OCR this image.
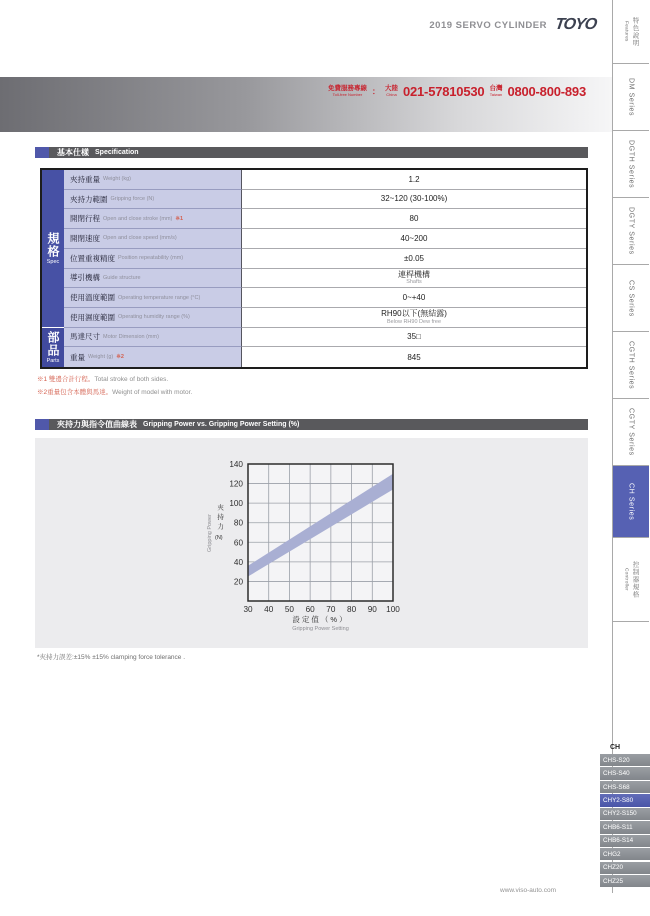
2019 SERVO CYLINDER TOYO
免費服務專線
Toll-free Number ： 大陸
China 021-57810530 台灣
Taiwan 0800-800-893
特色說明
Features
DM Series
DGTH Series
DGTY Series
CS Series
CGTH Series
CGTY Series
CH Series
控制器規格
Controller
基本仕樣 Specification
規格
Spec
部品
Parts
夾持重量 Weight (kg)	1.2
夾持力範圍 Gripping force (N)	32~120 (30-100%)
開閉行程 Open and close stroke (mm) ※1	80
開閉速度 Open and close speed (mm/s)	40~200
位置重複精度 Position repeatability (mm)	±0.05
導引機構 Guide structure	連桿機構
Shafts
使用溫度範圍 Operating temperature range (°C)	0~+40
使用濕度範圍 Operating humidity range (%)	RH90以下(無結露)
Below RH90 Dew free
馬達尺寸 Motor Dimension (mm)	35□
重量 Weight (g) ※2	845
※1 雙邊合計行程。Total stroke of both sides.
※2重量包含本體與馬達。Weight of model with motor.
夾持力與指令值曲線表 Gripping Power vs. Gripping Power Setting (%)
30 40 50 60 70 80 90 100
20
40
60
80
100
120
140
Gripping Power 夾持力
(N)
設定值（%）
Gripping Power Setting
*夾持力誤差:±15% ±15% clamping force tolerance .
CH
CHS-S20
CHS-S40
CHS-S68
CHY2-S80
CHY2-S150
CHB6-S11
CHB6-S14
CHG2
CHZ20
CHZ25
www.viso-auto.com
